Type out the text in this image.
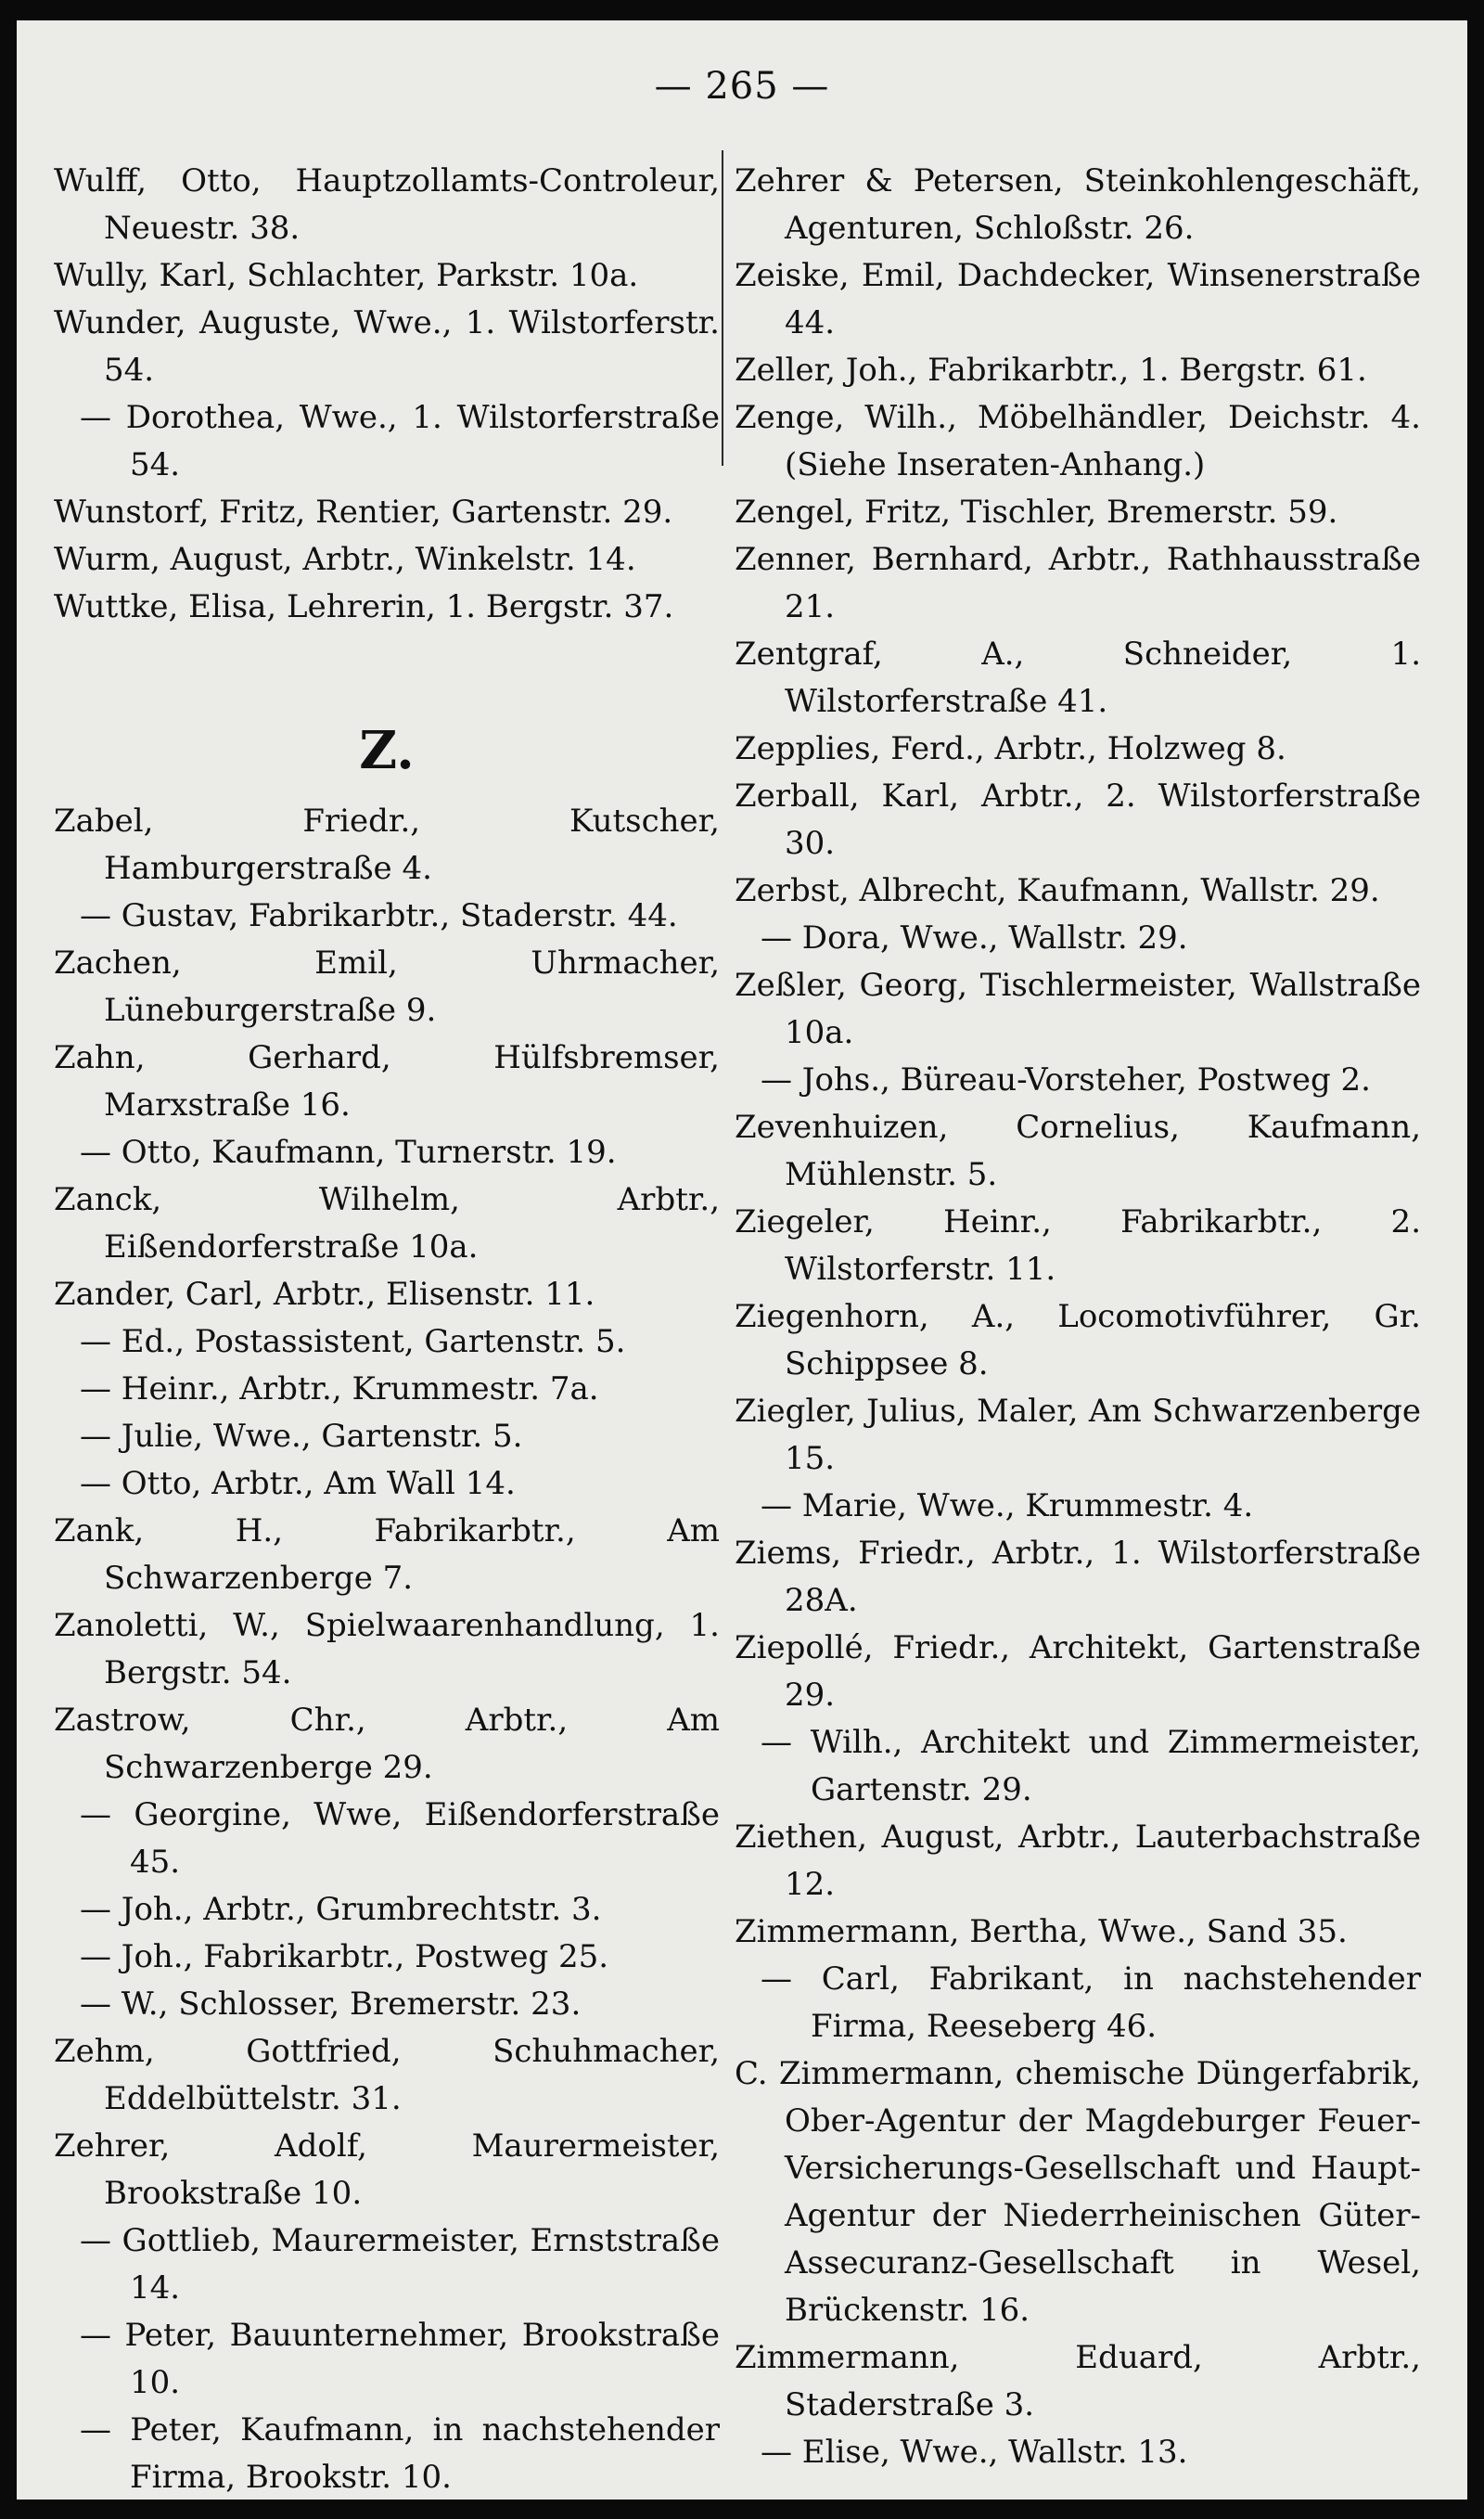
— 265 —

Wulff, Otto, Hauptzollamts-Controleur, Neuestr. 38.

Wully, Karl, Schlachter, Parkstr. 10a.

Wunder, Auguste, Wwe., 1. Wilstorferstr. 54.

— Dorothea, Wwe., 1. Wilstorferstraße 54.

Wunstorf, Fritz, Rentier, Gartenstr. 29.

Wurm, August, Arbtr., Winkelstr. 14.

Wuttke, Elisa, Lehrerin, 1. Bergstr. 37.

Z.

Zabel, Friedr., Kutscher, Hamburgerstraße 4.

— Gustav, Fabrikarbtr., Staderstr. 44.

Zachen, Emil, Uhrmacher, Lüneburgerstraße 9.

Zahn, Gerhard, Hülfsbremser, Marxstraße 16.

— Otto, Kaufmann, Turnerstr. 19.

Zanck, Wilhelm, Arbtr., Eißendorferstraße 10a.

Zander, Carl, Arbtr., Elisenstr. 11.

— Ed., Postassistent, Gartenstr. 5.

— Heinr., Arbtr., Krummestr. 7a.

— Julie, Wwe., Gartenstr. 5.

— Otto, Arbtr., Am Wall 14.

Zank, H., Fabrikarbtr., Am Schwarzenberge 7.

Zanoletti, W., Spielwaarenhandlung, 1. Bergstr. 54.

Zastrow, Chr., Arbtr., Am Schwarzenberge 29.

— Georgine, Wwe, Eißendorferstraße 45.

— Joh., Arbtr., Grumbrechtstr. 3.

— Joh., Fabrikarbtr., Postweg 25.

— W., Schlosser, Bremerstr. 23.

Zehm, Gottfried, Schuhmacher, Eddelbüttelstr. 31.

Zehrer, Adolf, Maurermeister, Brookstraße 10.

— Gottlieb, Maurermeister, Ernststraße 14.

— Peter, Bauunternehmer, Brookstraße 10.

— Peter, Kaufmann, in nachstehender Firma, Brookstr. 10.

Zehrer & Petersen, Steinkohlengeschäft, Agenturen, Schloßstr. 26.

Zeiske, Emil, Dachdecker, Winsenerstraße 44.

Zeller, Joh., Fabrikarbtr., 1. Bergstr. 61.

Zenge, Wilh., Möbelhändler, Deichstr. 4. (Siehe Inseraten-Anhang.)

Zengel, Fritz, Tischler, Bremerstr. 59.

Zenner, Bernhard, Arbtr., Rathhausstraße 21.

Zentgraf, A., Schneider, 1. Wilstorferstraße 41.

Zepplies, Ferd., Arbtr., Holzweg 8.

Zerball, Karl, Arbtr., 2. Wilstorferstraße 30.

Zerbst, Albrecht, Kaufmann, Wallstr. 29.

— Dora, Wwe., Wallstr. 29.

Zeßler, Georg, Tischlermeister, Wallstraße 10a.

— Johs., Büreau-Vorsteher, Postweg 2.

Zevenhuizen, Cornelius, Kaufmann, Mühlenstr. 5.

Ziegeler, Heinr., Fabrikarbtr., 2. Wilstorferstr. 11.

Ziegenhorn, A., Locomotivführer, Gr. Schippsee 8.

Ziegler, Julius, Maler, Am Schwarzenberge 15.

— Marie, Wwe., Krummestr. 4.

Ziems, Friedr., Arbtr., 1. Wilstorferstraße 28A.

Ziepollé, Friedr., Architekt, Gartenstraße 29.

— Wilh., Architekt und Zimmermeister, Gartenstr. 29.

Ziethen, August, Arbtr., Lauterbachstraße 12.

Zimmermann, Bertha, Wwe., Sand 35.

— Carl, Fabrikant, in nachstehender Firma, Reeseberg 46.

C. Zimmermann, chemische Düngerfabrik, Ober-Agentur der Magdeburger Feuer-Versicherungs-Gesellschaft und Haupt-Agentur der Niederrheinischen Güter-Assecuranz-Gesellschaft in Wesel, Brückenstr. 16.

Zimmermann, Eduard, Arbtr., Staderstraße 3.

— Elise, Wwe., Wallstr. 13.
